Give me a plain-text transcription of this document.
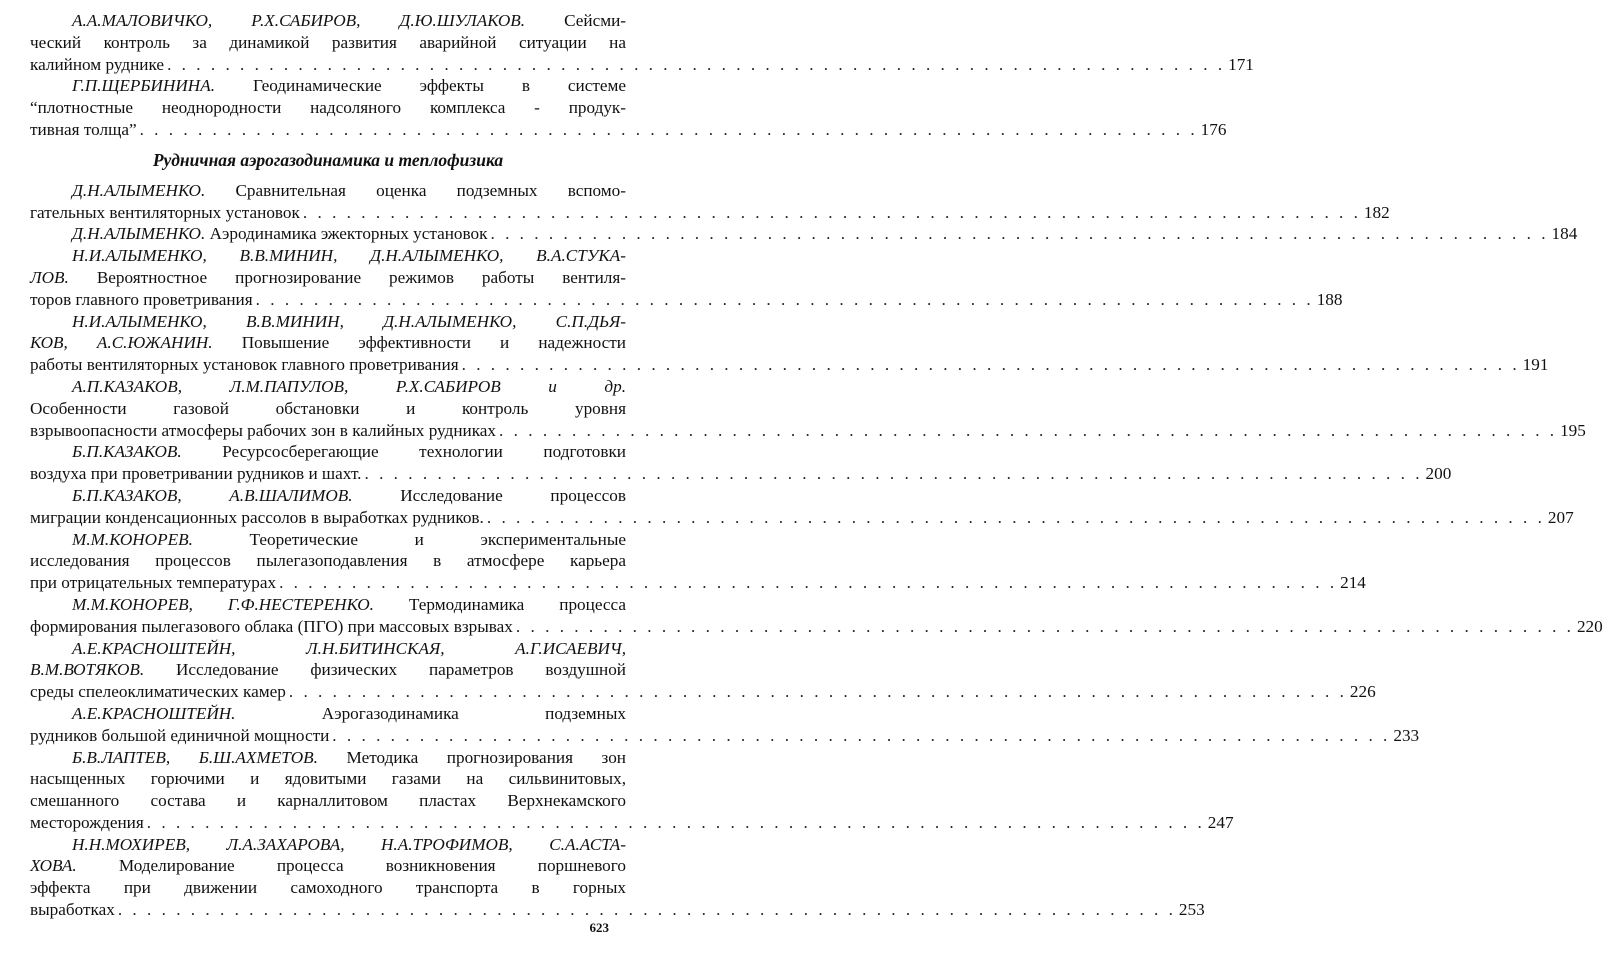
А.А.МАЛОВИЧКО, Р.Х.САБИРОВ, Д.Ю.ШУЛАКОВ. Сейсми-
ческий контроль за динамикой развития аварийной ситуации на
калийном руднике . . . . . . . . . . . . . . . . . . . . . . . . . . . . . . . . . . . . . . . . . . . . . . . . . . . . . . . . . . . . . . . . . . . . . . . . . 171
Г.П.ЩЕРБИНИНА. Геодинамические эффекты в системе
“плотностные неоднородности надсоляного комплекса - продук-
тивная толща” . . . . . . . . . . . . . . . . . . . . . . . . . . . . . . . . . . . . . . . . . . . . . . . . . . . . . . . . . . . . . . . . . . . . . . . . . 176
Рудничная аэрогазодинамика и теплофизика
Д.Н.АЛЫМЕНКО. Сравнительная оценка подземных вспомо-
гательных вентиляторных установок . . . . . . . . . . . . . . . . . . . . . . . . . . . . . . . . . . . . . . . . . . . . . . . . . . . . . . . . . . . . . . . . . . . . . . . . . 182
Д.Н.АЛЫМЕНКО. Аэродинамика эжекторных установок . . . . . . . . . . . . . . . . . . . . . . . . . . . . . . . . . . . . . . . . . . . . . . . . . . . . . . . . . . . . . . . . . . . . . . . . . 184
Н.И.АЛЫМЕНКО, В.В.МИНИН, Д.Н.АЛЫМЕНКО, В.А.СТУКА-
ЛОВ. Вероятностное прогнозирование режимов работы вентиля-
торов главного проветривания . . . . . . . . . . . . . . . . . . . . . . . . . . . . . . . . . . . . . . . . . . . . . . . . . . . . . . . . . . . . . . . . . . . . . . . . . 188
Н.И.АЛЫМЕНКО, В.В.МИНИН, Д.Н.АЛЫМЕНКО, С.П.ДЬЯ-
КОВ, А.С.ЮЖАНИН. Повышение эффективности и надежности
работы вентиляторных установок главного проветривания . . . . . . . . . . . . . . . . . . . . . . . . . . . . . . . . . . . . . . . . . . . . . . . . . . . . . . . . . . . . . . . . . . . . . . . . . 191
А.П.КАЗАКОВ, Л.М.ПАПУЛОВ, Р.Х.САБИРОВ и др.
Особенности газовой обстановки и контроль уровня
взрывоопасности атмосферы рабочих зон в калийных рудниках . . . . . . . . . . . . . . . . . . . . . . . . . . . . . . . . . . . . . . . . . . . . . . . . . . . . . . . . . . . . . . . . . . . . . . . . . 195
Б.П.КАЗАКОВ. Ресурсосберегающие технологии подготовки
воздуха при проветривании рудников и шахт. . . . . . . . . . . . . . . . . . . . . . . . . . . . . . . . . . . . . . . . . . . . . . . . . . . . . . . . . . . . . . . . . . . . . . . . . . 200
Б.П.КАЗАКОВ, А.В.ШАЛИМОВ.	Исследование процессов
миграции конденсационных рассолов в выработках рудников. . . . . . . . . . . . . . . . . . . . . . . . . . . . . . . . . . . . . . . . . . . . . . . . . . . . . . . . . . . . . . . . . . . . . . . . . . 207
М.М.КОНОРЕВ.	Теоретические и экспериментальные
исследования процессов пылегазоподавления в атмосфере карьера
при отрицательных температурах . . . . . . . . . . . . . . . . . . . . . . . . . . . . . . . . . . . . . . . . . . . . . . . . . . . . . . . . . . . . . . . . . . . . . . . . . 214
М.М.КОНОРЕВ, Г.Ф.НЕСТЕРЕНКО. Термодинамика процесса
формирования пылегазового облака (ПГО) при массовых взрывах . . . . . . . . . . . . . . . . . . . . . . . . . . . . . . . . . . . . . . . . . . . . . . . . . . . . . . . . . . . . . . . . . . . . . . . . . 220
А.Е.КРАСНОШТЕЙН, Л.Н.БИТИНСКАЯ, А.Г.ИСАЕВИЧ,
В.М.ВОТЯКОВ. Исследование физических параметров воздушной
среды спелеоклиматических камер . . . . . . . . . . . . . . . . . . . . . . . . . . . . . . . . . . . . . . . . . . . . . . . . . . . . . . . . . . . . . . . . . . . . . . . . . 226
А.Е.КРАСНОШТЕЙН.	Аэрогазодинамика подземных
рудников большой единичной мощности . . . . . . . . . . . . . . . . . . . . . . . . . . . . . . . . . . . . . . . . . . . . . . . . . . . . . . . . . . . . . . . . . . . . . . . . . 233
Б.В.ЛАПТЕВ, Б.Ш.АХМЕТОВ. Методика прогнозирования зон
насыщенных горючими и ядовитыми газами на сильвинитовых,
смешанного состава и карналлитовом пластах Верхнекамского
месторождения . . . . . . . . . . . . . . . . . . . . . . . . . . . . . . . . . . . . . . . . . . . . . . . . . . . . . . . . . . . . . . . . . . . . . . . . . 247
Н.Н.МОХИРЕВ, Л.А.ЗАХАРОВА, Н.А.ТРОФИМОВ, С.А.АСТА-
ХОВА. Моделирование процесса возникновения поршневого
эффекта при движении самоходного транспорта в горных
выработках . . . . . . . . . . . . . . . . . . . . . . . . . . . . . . . . . . . . . . . . . . . . . . . . . . . . . . . . . . . . . . . . . . . . . . . . . 253
623
